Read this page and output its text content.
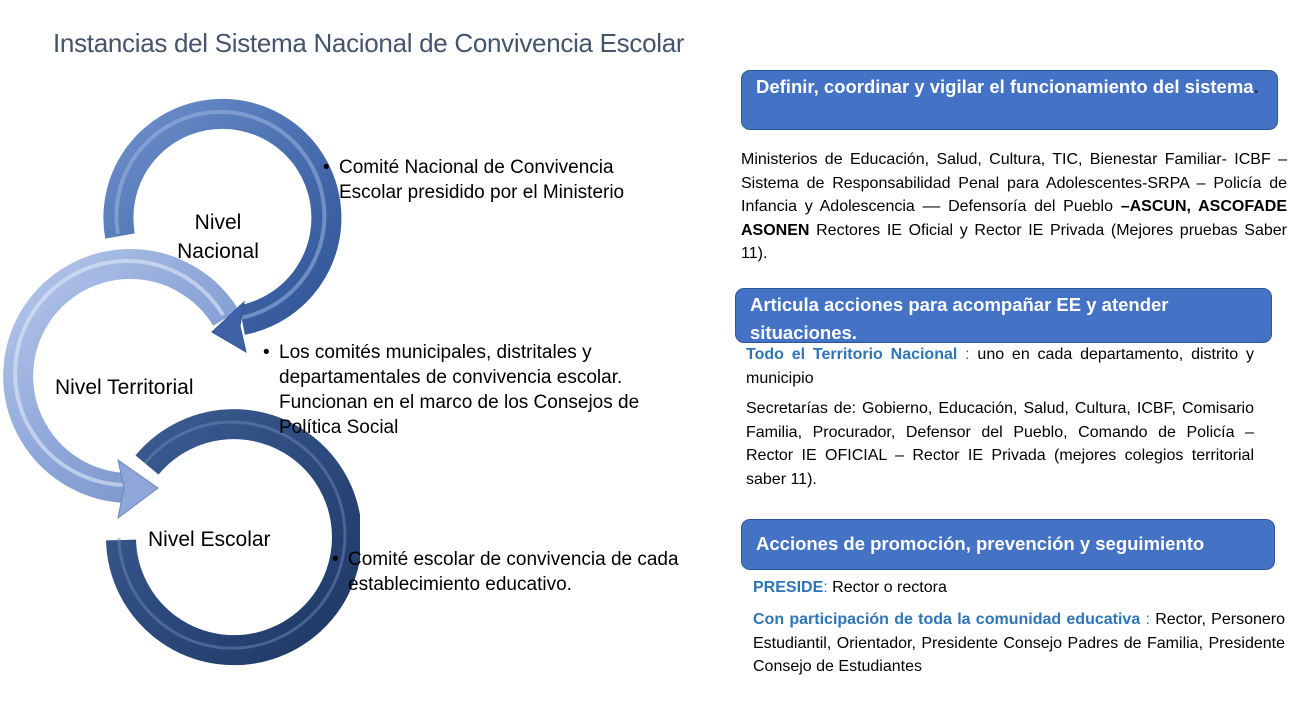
Instancias del Sistema Nacional de Convivencia Escolar
Nivel
Nacional
Nivel Territorial
Nivel Escolar
• Comité Nacional de Convivencia Escolar presidido por el Ministerio
• Los comités municipales, distritales y departamentales de convivencia escolar. Funcionan en el marco de los Consejos de Política Social
• Comité escolar de convivencia de cada establecimiento educativo.
Definir, coordinar y vigilar el funcionamiento del sistema.
Ministerios de Educación, Salud, Cultura, TIC, Bienestar Familiar- ICBF – Sistema de Responsabilidad Penal para Adolescentes-SRPA – Policía de Infancia y Adolescencia –– Defensoría del Pueblo –ASCUN, ASCOFADE ASONEN Rectores IE Oficial y Rector IE Privada (Mejores pruebas Saber 11).
Articula acciones para acompañar EE y atender situaciones.
Todo el Territorio Nacional : uno en cada departamento, distrito y municipio
Secretarías de: Gobierno, Educación, Salud, Cultura, ICBF, Comisario Familia, Procurador, Defensor del Pueblo, Comando de Policía – Rector IE OFICIAL – Rector IE Privada (mejores colegios territorial saber 11).
Acciones de promoción, prevención y seguimiento
PRESIDE: Rector o rectora
Con participación de toda la comunidad educativa : Rector, Personero Estudiantil, Orientador, Presidente Consejo Padres de Familia, Presidente Consejo de Estudiantes
